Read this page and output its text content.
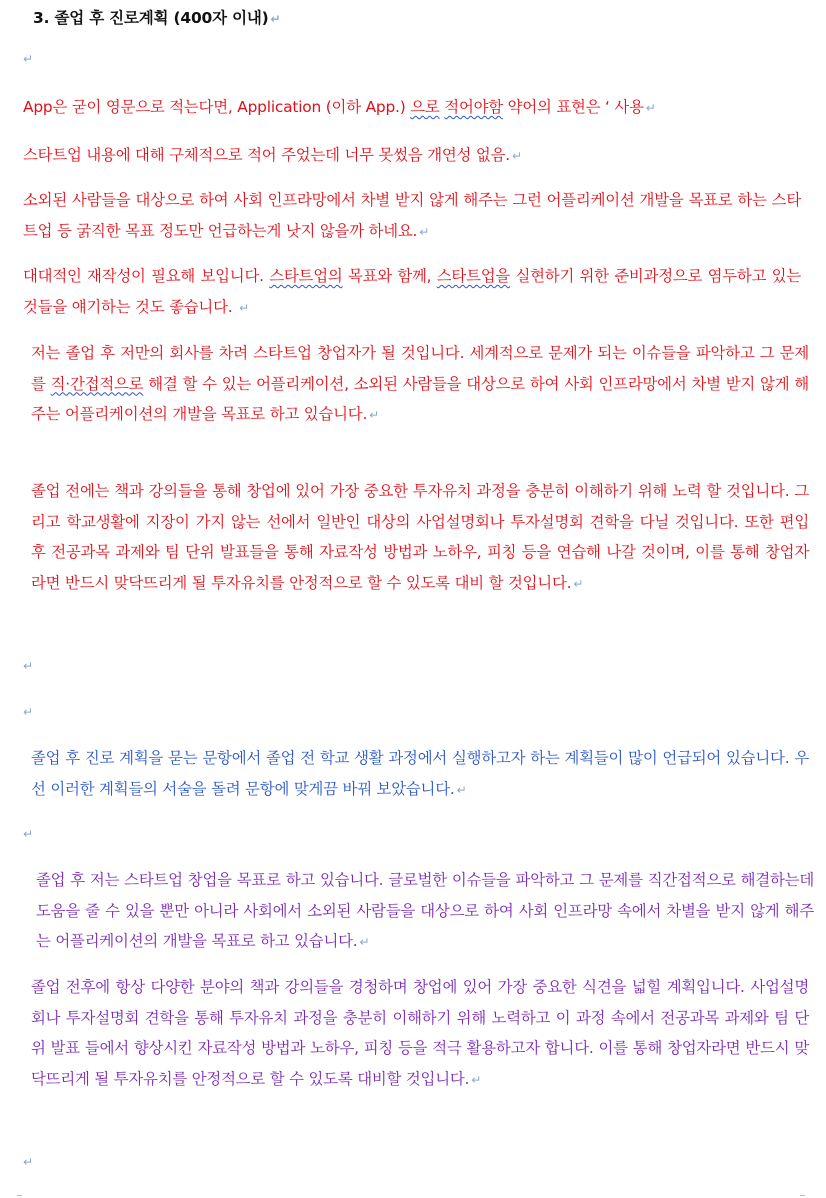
3. 졸업 후 진로계획 (400자 이내) ↵
↵
App은 굳이 영문으로 적는다면, Application (이하 App.) 으로 적어야함 약어의 표현은 ‘ 사용 ↵
스타트업 내용에 대해 구체적으로 적어 주었는데 너무 못썼음 개연성 없음. ↵
소외된 사람들을 대상으로 하여 사회 인프라망에서 차별 받지 않게 해주는 그런 어플리케이션 개발을 목표로 하는 스타트업 등 굵직한 목표 정도만 언급하는게 낫지 않을까 하네요. ↵
대대적인 재작성이 필요해 보입니다. 스타트업의 목표와 함께, 스타트업을 실현하기 위한 준비과정으로 염두하고 있는 것들을 얘기하는 것도 좋습니다. ↵
저는 졸업 후 저만의 회사를 차려 스타트업 창업자가 될 것입니다. 세계적으로 문제가 되는 이슈들을 파악하고 그 문제를 직·간접적으로 해결 할 수 있는 어플리케이션, 소외된 사람들을 대상으로 하여 사회 인프라망에서 차별 받지 않게 해주는 어플리케이션의 개발을 목표로 하고 있습니다. ↵
졸업 전에는 책과 강의들을 통해 창업에 있어 가장 중요한 투자유치 과정을 충분히 이해하기 위해 노력 할 것입니다. 그리고 학교생활에 지장이 가지 않는 선에서 일반인 대상의 사업설명회나 투자설명회 견학을 다닐 것입니다. 또한 편입 후 전공과목 과제와 팀 단위 발표들을 통해 자료작성 방법과 노하우, 피칭 등을 연습해 나갈 것이며, 이를 통해 창업자라면 반드시 맞닥뜨리게 될 투자유치를 안정적으로 할 수 있도록 대비 할 것입니다. ↵
↵
↵
졸업 후 진로 계획을 묻는 문항에서 졸업 전 학교 생활 과정에서 실행하고자 하는 계획들이 많이 언급되어 있습니다. 우선 이러한 계획들의 서술을 돌려 문항에 맞게끔 바꿔 보았습니다. ↵
↵
졸업 후 저는 스타트업 창업을 목표로 하고 있습니다. 글로벌한 이슈들을 파악하고 그 문제를 직간접적으로 해결하는데 도움을 줄 수 있을 뿐만 아니라 사회에서 소외된 사람들을 대상으로 하여 사회 인프라망 속에서 차별을 받지 않게 해주는 어플리케이션의 개발을 목표로 하고 있습니다. ↵
졸업 전후에 항상 다양한 분야의 책과 강의들을 경청하며 창업에 있어 가장 중요한 식견을 넓힐 계획입니다. 사업설명회나 투자설명회 견학을 통해 투자유치 과정을 충분히 이해하기 위해 노력하고 이 과정 속에서 전공과목 과제와 팀 단위 발표 들에서 향상시킨 자료작성 방법과 노하우, 피칭 등을 적극 활용하고자 합니다. 이를 통해 창업자라면 반드시 맞닥뜨리게 될 투자유치를 안정적으로 할 수 있도록 대비할 것입니다. ↵
↵
